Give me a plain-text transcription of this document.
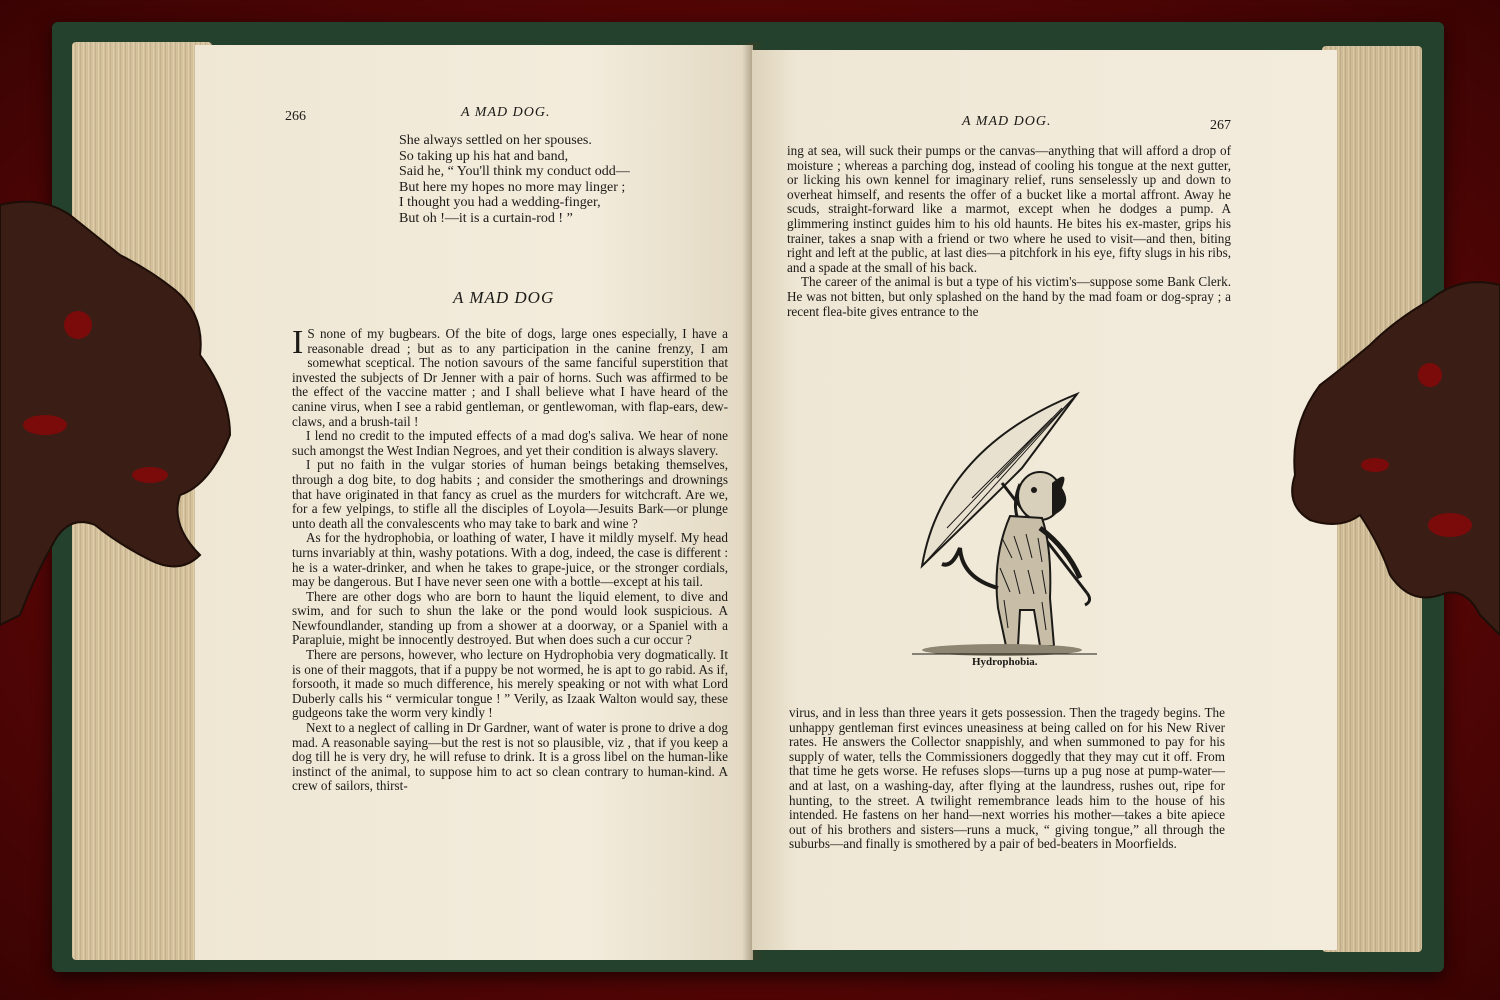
266	A MAD DOG.
She always settled on her spouses.
So taking up his hat and band,
Said he, “ You'll think my conduct odd—
But here my hopes no more may linger ;
I thought you had a wedding-finger,
But oh !—it is a curtain-rod ! ”
A MAD DOG

I S none of my bugbears. Of the bite of dogs, large ones especially, I have a reasonable dread ; but as to any participation in the canine frenzy, I am somewhat sceptical. The notion savours of the same fanciful superstition that invested the subjects of Dr Jenner with a pair of horns. Such was affirmed to be the effect of the vaccine matter ; and I shall believe what I have heard of the canine virus, when I see a rabid gentleman, or gentlewoman, with flap-ears, dew-claws, and a brush-tail !

I lend no credit to the imputed effects of a mad dog's saliva. We hear of none such amongst the West Indian Negroes, and yet their condition is always slavery.

I put no faith in the vulgar stories of human beings betaking themselves, through a dog bite, to dog habits ; and consider the smotherings and drownings that have originated in that fancy as cruel as the murders for witchcraft. Are we, for a few yelpings, to stifle all the disciples of Loyola—Jesuits Bark—or plunge unto death all the convalescents who may take to bark and wine ?

As for the hydrophobia, or loathing of water, I have it mildly myself. My head turns invariably at thin, washy potations. With a dog, indeed, the case is different : he is a water-drinker, and when he takes to grape-juice, or the stronger cordials, may be dangerous. But I have never seen one with a bottle—except at his tail.

There are other dogs who are born to haunt the liquid element, to dive and swim, and for such to shun the lake or the pond would look suspicious. A Newfoundlander, standing up from a shower at a doorway, or a Spaniel with a Parapluie, might be innocently destroyed. But when does such a cur occur ?

There are persons, however, who lecture on Hydrophobia very dogmatically. It is one of their maggots, that if a puppy be not wormed, he is apt to go rabid. As if, forsooth, it made so much difference, his merely speaking or not with what Lord Duberly calls his “ vermicular tongue ! ” Verily, as Izaak Walton would say, these gudgeons take the worm very kindly !

Next to a neglect of calling in Dr Gardner, want of water is prone to drive a dog mad. A reasonable saying—but the rest is not so plausible, viz , that if you keep a dog till he is very dry, he will refuse to drink. It is a gross libel on the human-like instinct of the animal, to suppose him to act so clean contrary to human-kind. A crew of sailors, thirst-

A MAD DOG.	267

ing at sea, will suck their pumps or the canvas—anything that will afford a drop of moisture ; whereas a parching dog, instead of cooling his tongue at the next gutter, or licking his own kennel for imaginary relief, runs senselessly up and down to overheat himself, and resents the offer of a bucket like a mortal affront. Away he scuds, straight-forward like a marmot, except when he dodges a pump. A glimmering instinct guides him to his old haunts. He bites his ex-master, grips his trainer, takes a snap with a friend or two where he used to visit—and then, biting right and left at the public, at last dies—a pitchfork in his eye, fifty slugs in his ribs, and a spade at the small of his back.

The career of the animal is but a type of his victim's—suppose some Bank Clerk. He was not bitten, but only splashed on the hand by the mad foam or dog-spray ; a recent flea-bite gives entrance to the

Hydrophobia.

virus, and in less than three years it gets possession. Then the tragedy begins. The unhappy gentleman first evinces uneasiness at being called on for his New River rates. He answers the Collector snappishly, and when summoned to pay for his supply of water, tells the Commissioners doggedly that they may cut it off. From that time he gets worse. He refuses slops—turns up a pug nose at pump-water—and at last, on a washing-day, after flying at the laundress, rushes out, ripe for hunting, to the street. A twilight remembrance leads him to the house of his intended. He fastens on her hand—next worries his mother—takes a bite apiece out of his brothers and sisters—runs a muck, “ giving tongue,” all through the suburbs—and finally is smothered by a pair of bed-beaters in Moorfields.
